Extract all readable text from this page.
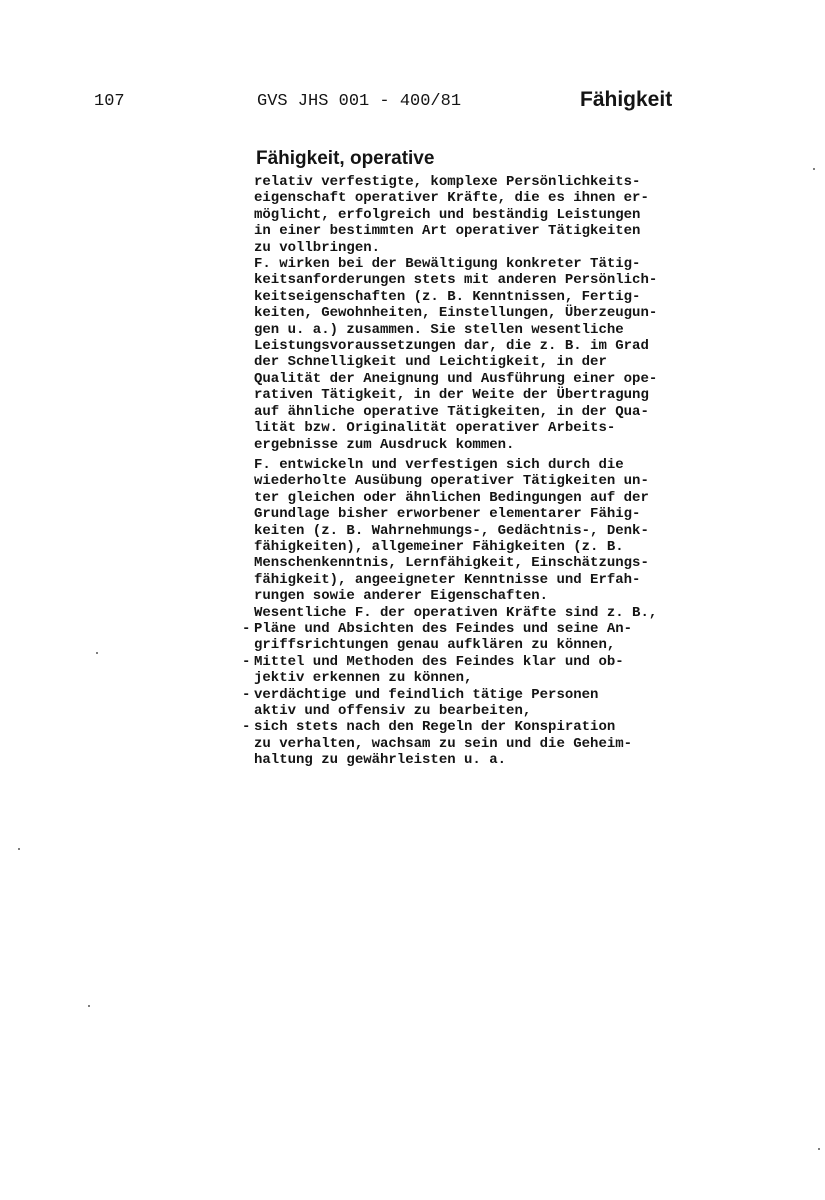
107	GVS JHS 001 - 400/81	Fähigkeit
Fähigkeit, operative
relativ verfestigte, komplexe Persönlichkeits-
eigenschaft operativer Kräfte, die es ihnen er-
möglicht, erfolgreich und beständig Leistungen
in einer bestimmten Art operativer Tätigkeiten
zu vollbringen.
F. wirken bei der Bewältigung konkreter Tätig-
keitsanforderungen stets mit anderen Persönlich-
keitseigenschaften (z. B. Kenntnissen, Fertig-
keiten, Gewohnheiten, Einstellungen, Überzeugun-
gen u. a.) zusammen. Sie stellen wesentliche
Leistungsvoraussetzungen dar, die z. B. im Grad
der Schnelligkeit und Leichtigkeit, in der
Qualität der Aneignung und Ausführung einer ope-
rativen Tätigkeit, in der Weite der Übertragung
auf ähnliche operative Tätigkeiten, in der Qua-
lität bzw. Originalität operativer Arbeits-
ergebnisse zum Ausdruck kommen.
F. entwickeln und verfestigen sich durch die
wiederholte Ausübung operativer Tätigkeiten un-
ter gleichen oder ähnlichen Bedingungen auf der
Grundlage bisher erworbener elementarer Fähig-
keiten (z. B. Wahrnehmungs-, Gedächtnis-, Denk-
fähigkeiten), allgemeiner Fähigkeiten (z. B.
Menschenkenntnis, Lernfähigkeit, Einschätzungs-
fähigkeit), angeeigneter Kenntnisse und Erfah-
rungen sowie anderer Eigenschaften.
Wesentliche F. der operativen Kräfte sind z. B.,
- Pläne und Absichten des Feindes und seine An-
griffsrichtungen genau aufklären zu können,
- Mittel und Methoden des Feindes klar und ob-
jektiv erkennen zu können,
- verdächtige und feindlich tätige Personen
aktiv und offensiv zu bearbeiten,
- sich stets nach den Regeln der Konspiration
zu verhalten, wachsam zu sein und die Geheim-
haltung zu gewährleisten u. a.
